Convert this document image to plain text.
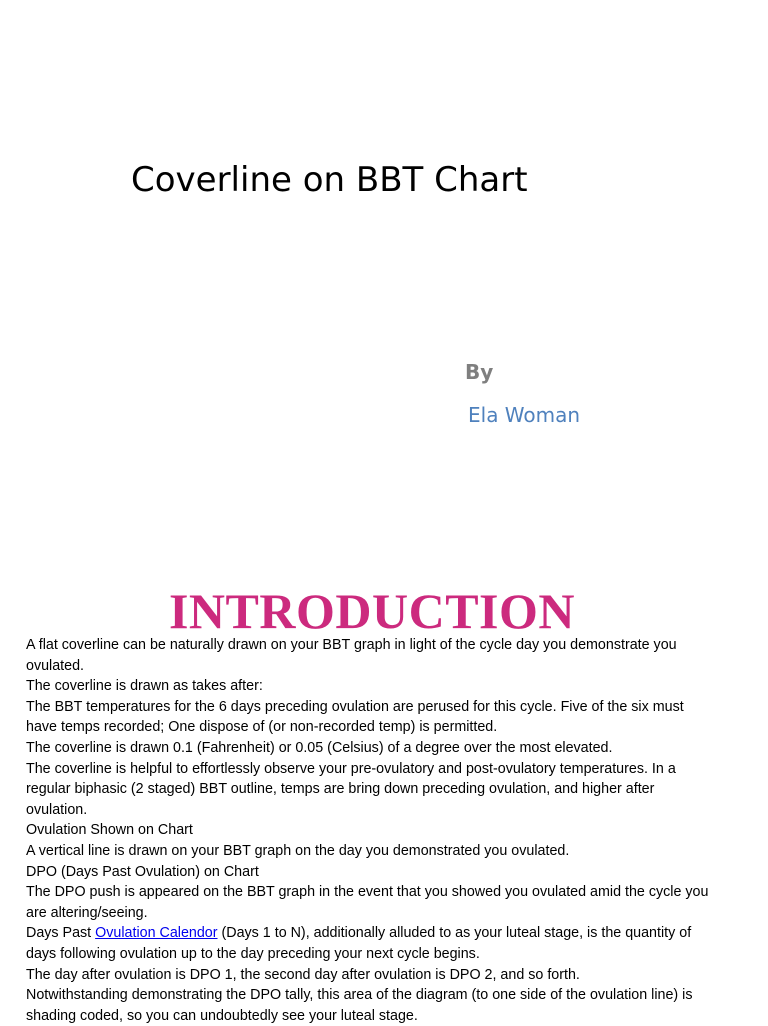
Coverline on BBT Chart
By
Ela Woman
INTRODUCTION

A flat coverline can be naturally drawn on your BBT graph in light of the cycle day you demonstrate you ovulated.

The coverline is drawn as takes after:

The BBT temperatures for the 6 days preceding ovulation are perused for this cycle. Five of the six must have temps recorded; One dispose of (or non-recorded temp) is permitted.

The coverline is drawn 0.1 (Fahrenheit) or 0.05 (Celsius) of a degree over the most elevated.

The coverline is helpful to effortlessly observe your pre-ovulatory and post-ovulatory temperatures. In a regular biphasic (2 staged) BBT outline, temps are bring down preceding ovulation, and higher after ovulation.

Ovulation Shown on Chart

A vertical line is drawn on your BBT graph on the day you demonstrated you ovulated.

DPO (Days Past Ovulation) on Chart

The DPO push is appeared on the BBT graph in the event that you showed you ovulated amid the cycle you are altering/seeing.

Days Past Ovulation Calendor (Days 1 to N), additionally alluded to as your luteal stage, is the quantity of days following ovulation up to the day preceding your next cycle begins.

The day after ovulation is DPO 1, the second day after ovulation is DPO 2, and so forth.

Notwithstanding demonstrating the DPO tally, this area of the diagram (to one side of the ovulation line) is shading coded, so you can undoubtedly see your luteal stage.
